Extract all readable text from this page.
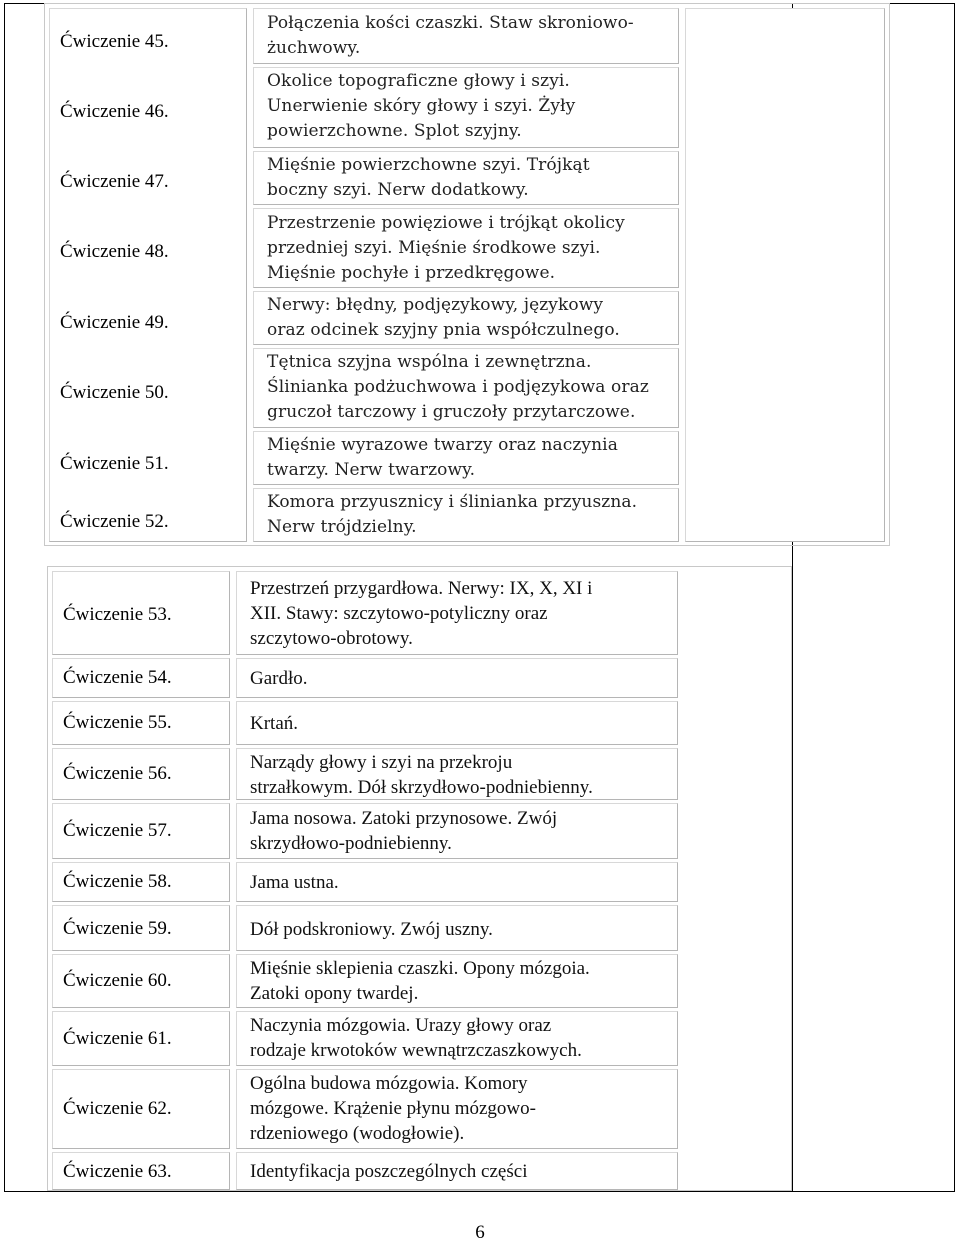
Ćwiczenie 45.
Ćwiczenie 46.
Ćwiczenie 47.
Ćwiczenie 48.
Ćwiczenie 49.
Ćwiczenie 50.
Ćwiczenie 51.
Ćwiczenie 52.
Połączenia kości czaszki. Staw skroniowo-
żuchwowy.
Okolice topograficzne głowy i szyi.
Unerwienie skóry głowy i szyi. Żyły
powierzchowne. Splot szyjny.
Mięśnie powierzchowne szyi. Trójkąt
boczny szyi. Nerw dodatkowy.
Przestrzenie powięziowe i trójkąt okolicy
przedniej szyi. Mięśnie środkowe szyi.
Mięśnie pochyłe i przedkręgowe.
Nerwy: błędny, podjęzykowy, językowy
oraz odcinek szyjny pnia współczulnego.
Tętnica szyjna wspólna i zewnętrzna.
Ślinianka podżuchwowa i podjęzykowa oraz
gruczoł tarczowy i gruczoły przytarczowe.
Mięśnie wyrazowe twarzy oraz naczynia
twarzy. Nerw twarzowy.
Komora przyusznicy i ślinianka przyuszna.
Nerw trójdzielny.
Ćwiczenie 53.
Ćwiczenie 54.
Ćwiczenie 55.
Ćwiczenie 56.
Ćwiczenie 57.
Ćwiczenie 58.
Ćwiczenie 59.
Ćwiczenie 60.
Ćwiczenie 61.
Ćwiczenie 62.
Ćwiczenie 63.
Przestrzeń przygardłowa. Nerwy: IX, X, XI i
XII. Stawy: szczytowo-potyliczny oraz
szczytowo-obrotowy.
Gardło.
Krtań.
Narządy głowy i szyi na przekroju
strzałkowym. Dół skrzydłowo-podniebienny.
Jama nosowa. Zatoki przynosowe. Zwój
skrzydłowo-podniebienny.
Jama ustna.
Dół podskroniowy. Zwój uszny.
Mięśnie sklepienia czaszki. Opony mózgoia.
Zatoki opony twardej.
Naczynia mózgowia. Urazy głowy oraz
rodzaje krwotoków wewnątrzczaszkowych.
Ogólna budowa mózgowia. Komory
mózgowe. Krążenie płynu mózgowo-
rdzeniowego (wodogłowie).
Identyfikacja poszczególnych części
6
